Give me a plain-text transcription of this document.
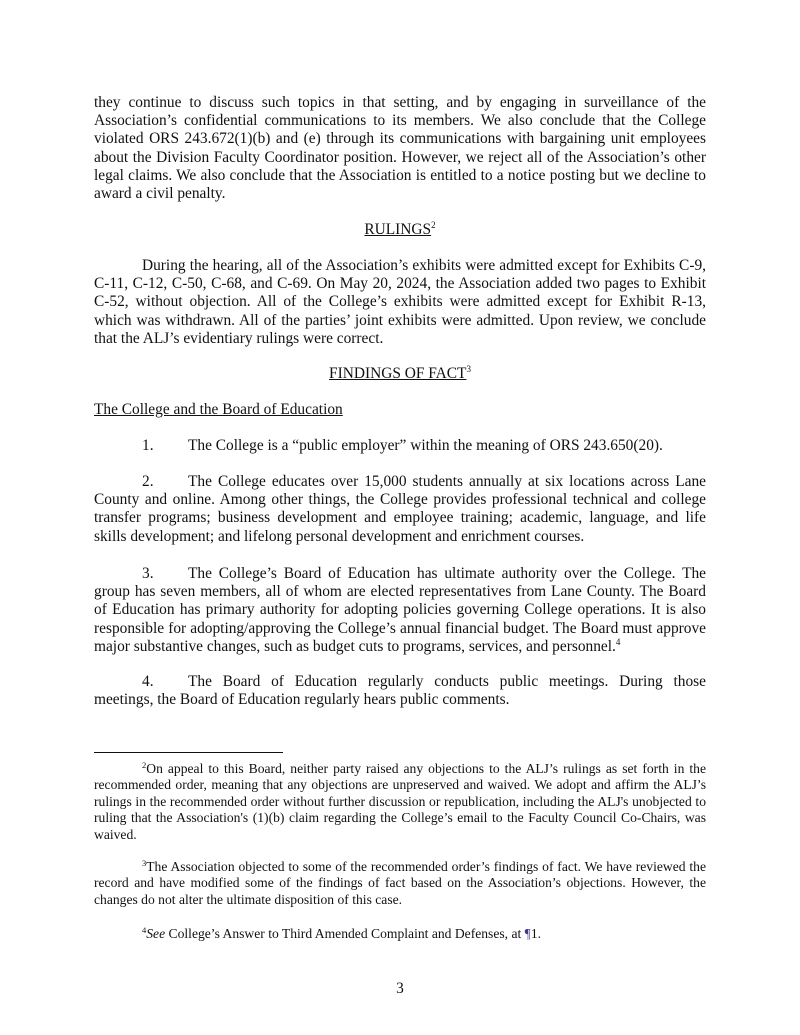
they continue to discuss such topics in that setting, and by engaging in surveillance of the Association’s confidential communications to its members. We also conclude that the College violated ORS 243.672(1)(b) and (e) through its communications with bargaining unit employees about the Division Faculty Coordinator position. However, we reject all of the Association’s other legal claims. We also conclude that the Association is entitled to a notice posting but we decline to award a civil penalty.

RULINGS$^2$

During the hearing, all of the Association’s exhibits were admitted except for Exhibits C-9, C-11, C-12, C-50, C-68, and C-69. On May 20, 2024, the Association added two pages to Exhibit C-52, without objection. All of the College’s exhibits were admitted except for Exhibit R-13, which was withdrawn. All of the parties’ joint exhibits were admitted. Upon review, we conclude that the ALJ’s evidentiary rulings were correct.

FINDINGS OF FACT$^3$
The College and the Board of Education

1. The College is a “public employer” within the meaning of ORS 243.650(20).

2. The College educates over 15,000 students annually at six locations across Lane County and online. Among other things, the College provides professional technical and college transfer programs; business development and employee training; academic, language, and life skills development; and lifelong personal development and enrichment courses.

3. The College’s Board of Education has ultimate authority over the College. The group has seven members, all of whom are elected representatives from Lane County. The Board of Education has primary authority for adopting policies governing College operations. It is also responsible for adopting/approving the College’s annual financial budget. The Board must approve major substantive changes, such as budget cuts to programs, services, and personnel.$^4$

4. The Board of Education regularly conducts public meetings. During those meetings, the Board of Education regularly hears public comments.

$^2$On appeal to this Board, neither party raised any objections to the ALJ’s rulings as set forth in the recommended order, meaning that any objections are unpreserved and waived. We adopt and affirm the ALJ’s rulings in the recommended order without further discussion or republication, including the ALJ's unobjected to ruling that the Association's (1)(b) claim regarding the College’s email to the Faculty Council Co-Chairs, was waived.

$^3$The Association objected to some of the recommended order’s findings of fact. We have reviewed the record and have modified some of the findings of fact based on the Association’s objections. However, the changes do not alter the ultimate disposition of this case.

$^4$See College’s Answer to Third Amended Complaint and Defenses, at ¶1.

3
